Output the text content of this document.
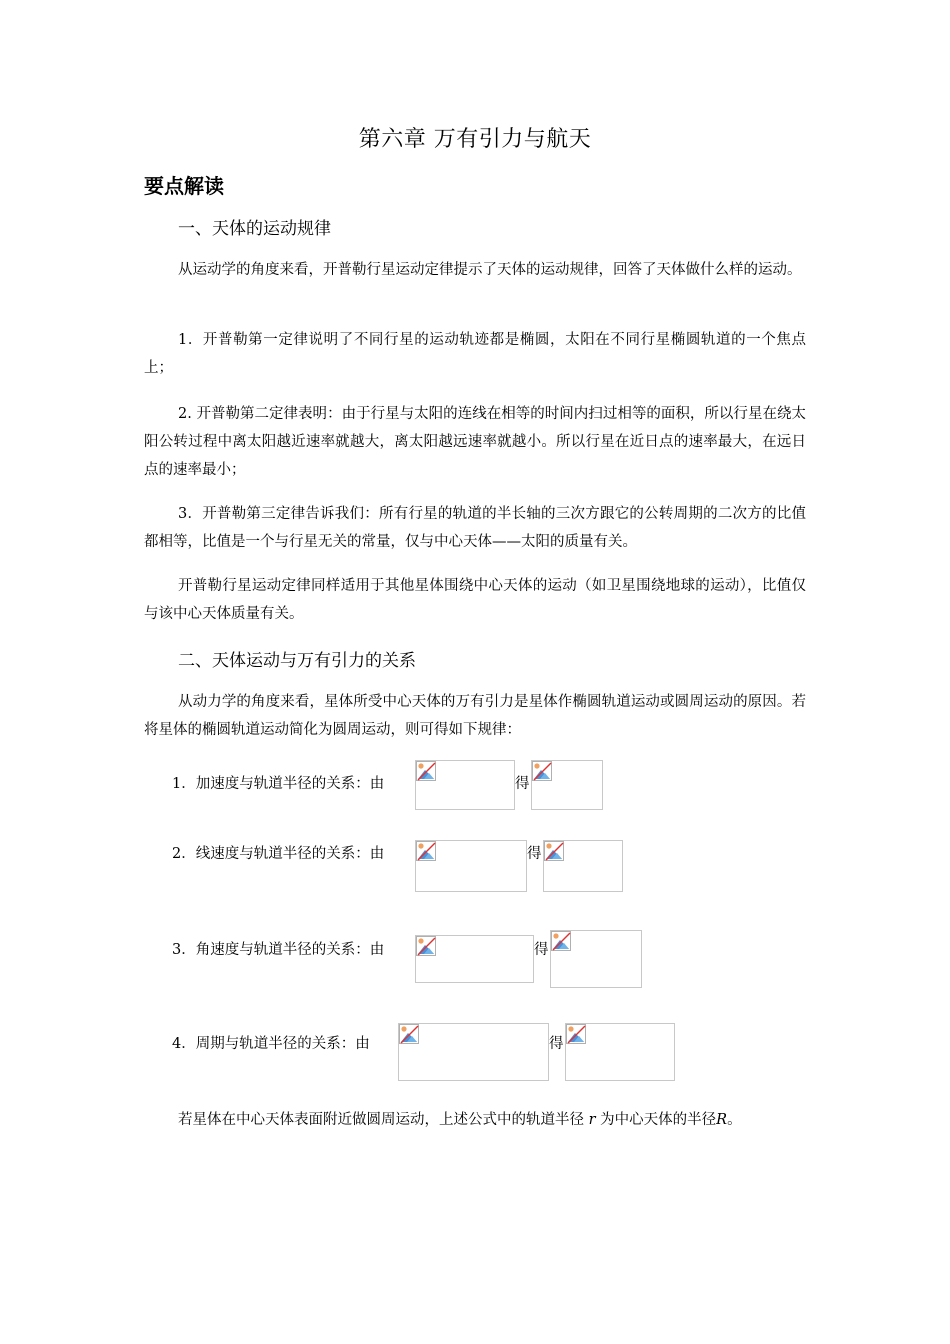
第六章 万有引力与航天
要点解读
一、天体的运动规律
从运动学的角度来看，开普勒行星运动定律提示了天体的运动规律，回答了天体做什么样的运动。
1．开普勒第一定律说明了不同行星的运动轨迹都是椭圆，太阳在不同行星椭圆轨道的一个焦点上；
2. 开普勒第二定律表明：由于行星与太阳的连线在相等的时间内扫过相等的面积，所以行星在绕太阳公转过程中离太阳越近速率就越大，离太阳越远速率就越小。所以行星在近日点的速率最大，在远日点的速率最小；
3．开普勒第三定律告诉我们：所有行星的轨道的半长轴的三次方跟它的公转周期的二次方的比值都相等，比值是一个与行星无关的常量，仅与中心天体——太阳的质量有关。
开普勒行星运动定律同样适用于其他星体围绕中心天体的运动（如卫星围绕地球的运动），比值仅与该中心天体质量有关。
二、天体运动与万有引力的关系
从动力学的角度来看，星体所受中心天体的万有引力是星体作椭圆轨道运动或圆周运动的原因。若将星体的椭圆轨道运动简化为圆周运动，则可得如下规律：
1．加速度与轨道半径的关系：由	得
2．线速度与轨道半径的关系：由	得
3．角速度与轨道半径的关系：由	得
4．周期与轨道半径的关系：由	得
若星体在中心天体表面附近做圆周运动，上述公式中的轨道半径 r 为中心天体的半径R。
